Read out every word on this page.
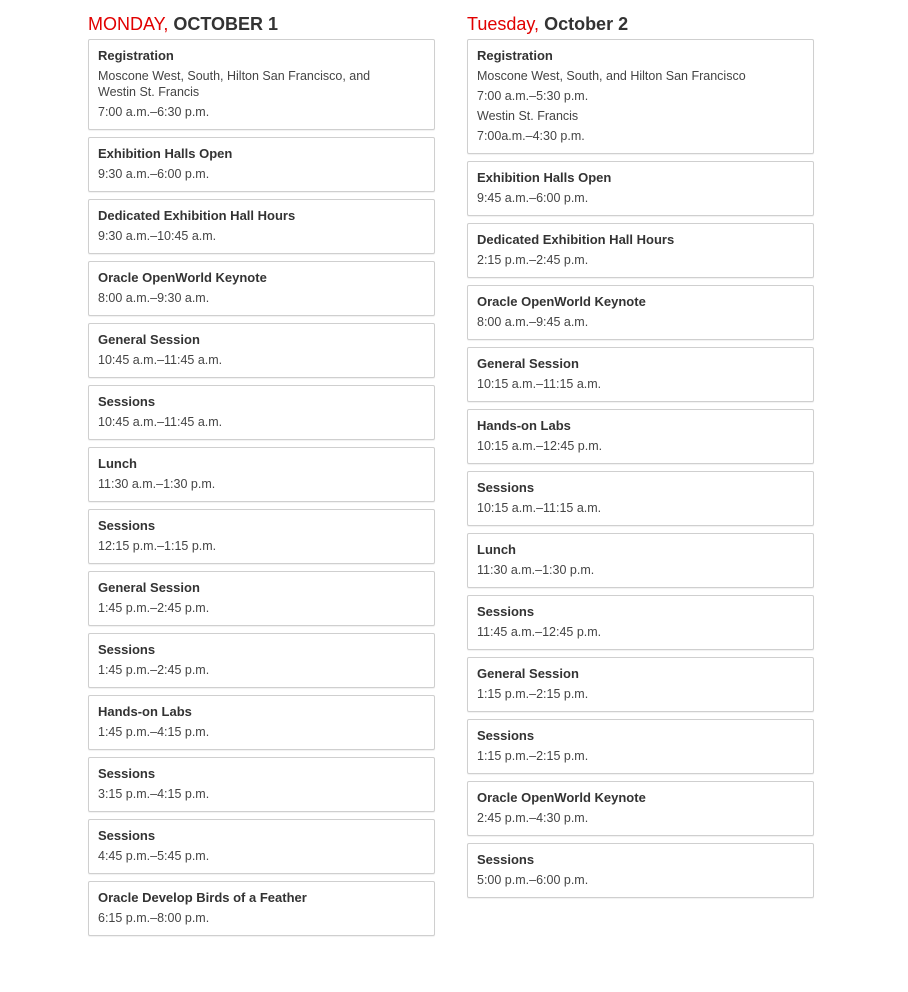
MONDAY, OCTOBER 1
Registration
Moscone West, South, Hilton San Francisco, and
Westin St. Francis
7:00 a.m.–6:30 p.m.
Exhibition Halls Open
9:30 a.m.–6:00 p.m.
Dedicated Exhibition Hall Hours
9:30 a.m.–10:45 a.m.
Oracle OpenWorld Keynote
8:00 a.m.–9:30 a.m.
General Session
10:45 a.m.–11:45 a.m.
Sessions
10:45 a.m.–11:45 a.m.
Lunch
11:30 a.m.–1:30 p.m.
Sessions
12:15 p.m.–1:15 p.m.
General Session
1:45 p.m.–2:45 p.m.
Sessions
1:45 p.m.–2:45 p.m.
Hands-on Labs
1:45 p.m.–4:15 p.m.
Sessions
3:15 p.m.–4:15 p.m.
Sessions
4:45 p.m.–5:45 p.m.
Oracle Develop Birds of a Feather
6:15 p.m.–8:00 p.m.
Tuesday, October 2
Registration
Moscone West, South, and Hilton San Francisco
7:00 a.m.–5:30 p.m.
Westin St. Francis
7:00a.m.–4:30 p.m.
Exhibition Halls Open
9:45 a.m.–6:00 p.m.
Dedicated Exhibition Hall Hours
2:15 p.m.–2:45 p.m.
Oracle OpenWorld Keynote
8:00 a.m.–9:45 a.m.
General Session
10:15 a.m.–11:15 a.m.
Hands-on Labs
10:15 a.m.–12:45 p.m.
Sessions
10:15 a.m.–11:15 a.m.
Lunch
11:30 a.m.–1:30 p.m.
Sessions
11:45 a.m.–12:45 p.m.
General Session
1:15 p.m.–2:15 p.m.
Sessions
1:15 p.m.–2:15 p.m.
Oracle OpenWorld Keynote
2:45 p.m.–4:30 p.m.
Sessions
5:00 p.m.–6:00 p.m.
